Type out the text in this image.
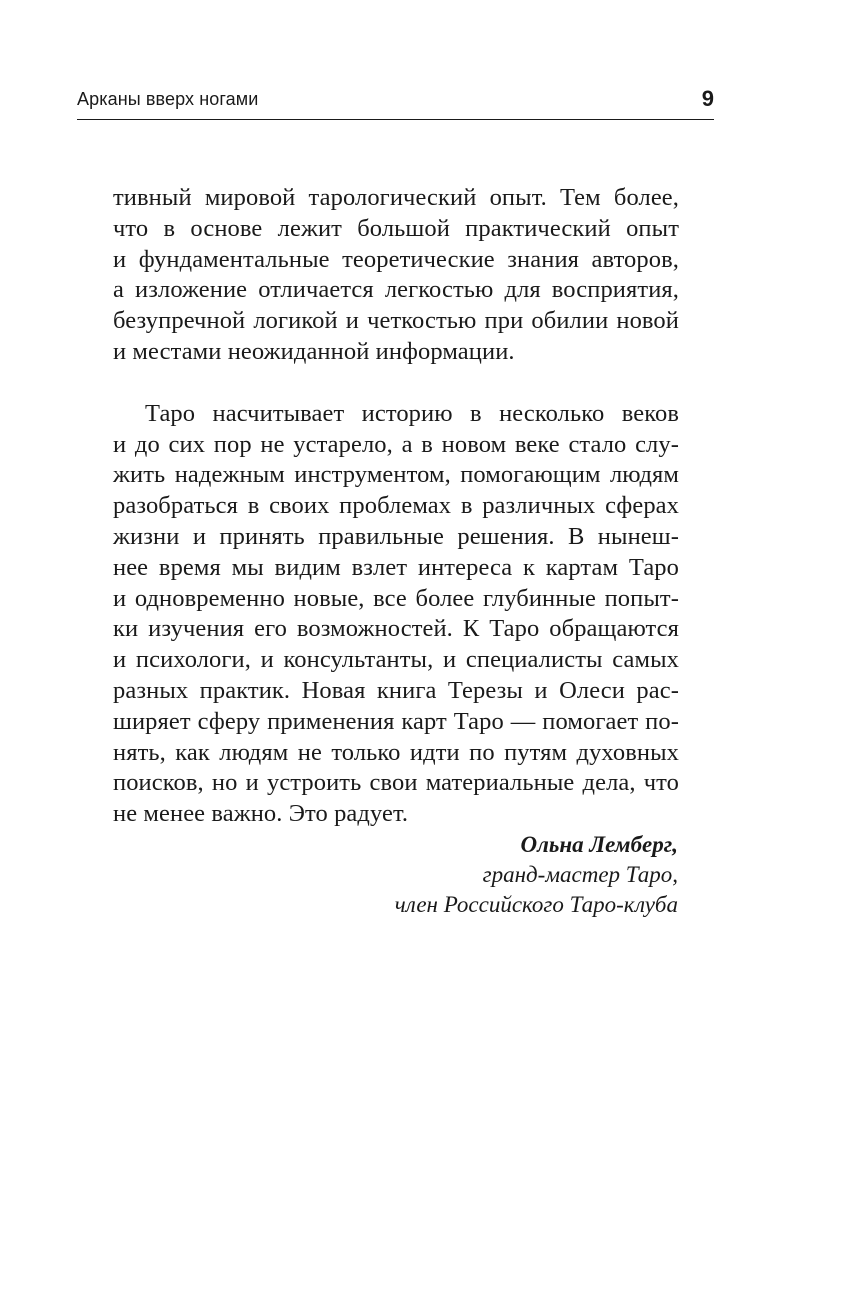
Арканы вверх ногами	9
тивный мировой тарологический опыт. Тем более,
что в основе лежит большой практический опыт
и фундаментальные теоретические знания авторов,
а изложение отличается легкостью для восприятия,
безупречной логикой и четкостью при обилии новой
и местами неожиданной информации.
Таро насчитывает историю в несколько веков
и до сих пор не устарело, а в новом веке стало слу-
жить надежным инструментом, помогающим людям
разобраться в своих проблемах в различных сферах
жизни и принять правильные решения. В нынеш-
нее время мы видим взлет интереса к картам Таро
и одновременно новые, все более глубинные попыт-
ки изучения его возможностей. К Таро обращаются
и психологи, и консультанты, и специалисты самых
разных практик. Новая книга Терезы и Олеси рас-
ширяет сферу применения карт Таро — помогает по-
нять, как людям не только идти по путям духовных
поисков, но и устроить свои материальные дела, что
не менее важно. Это радует.
Ольна Лемберг,
гранд-мастер Таро,
член Российского Таро-клуба
